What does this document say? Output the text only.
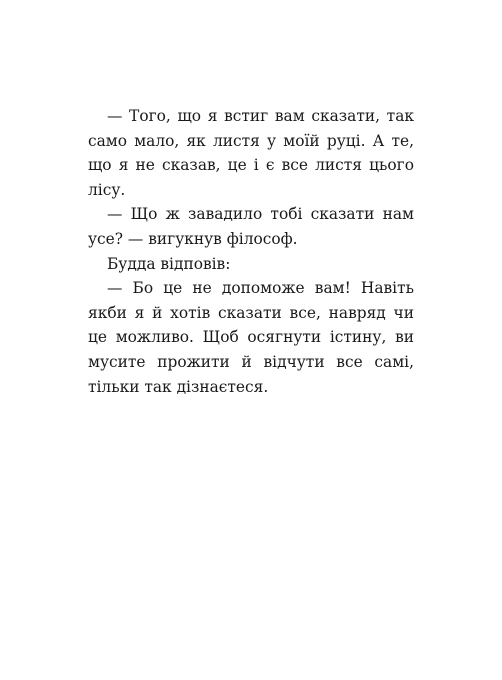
— Того, що я встиг вам сказати, так само мало, як листя у моїй руці. А те, що я не сказав, це і є все листя цього лісу.

— Що ж завадило тобі сказати нам усе? — вигукнув філософ.

Будда відповів:

— Бо це не допоможе вам! Навіть якби я й хотів сказати все, навряд чи це можливо. Щоб осягнути істину, ви мусите прожити й відчути все самі, тільки так дізнаєтеся.
